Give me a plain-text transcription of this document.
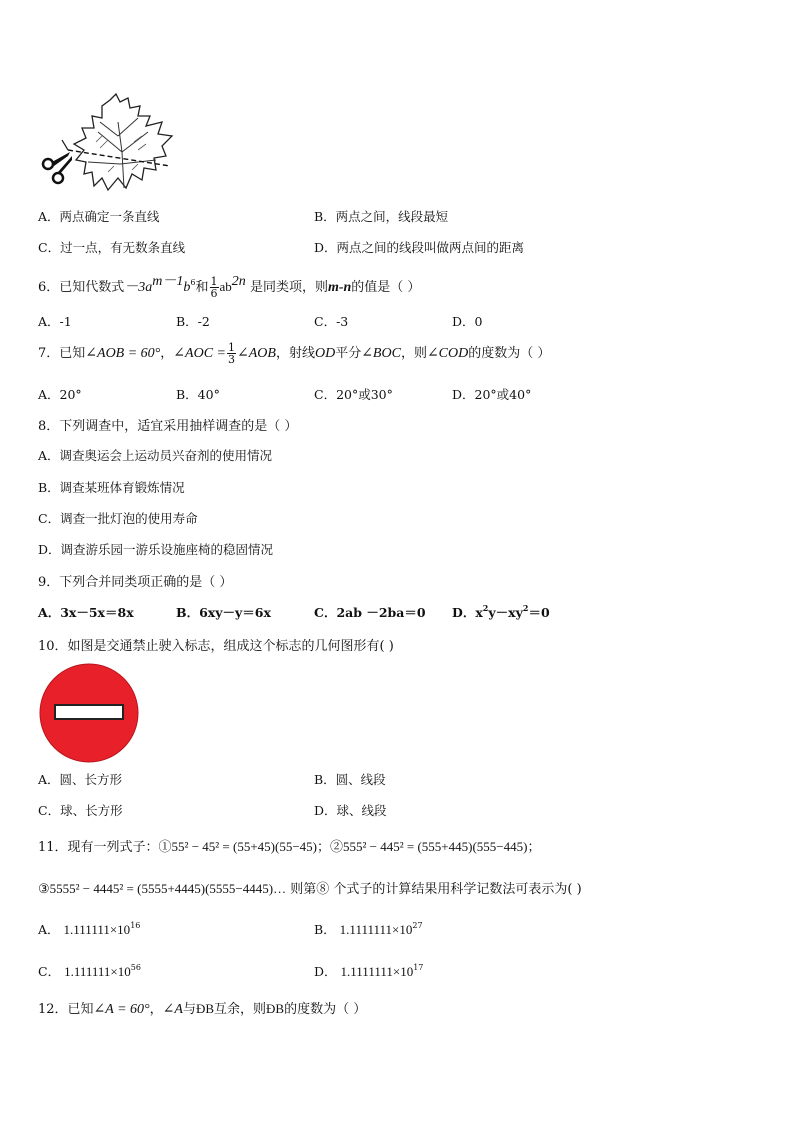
A．两点确定一条直线	B．两点之间，线段最短
C．过一点，有无数条直线	D．两点之间的线段叫做两点间的距离
6．已知代数式$-3a^{m-1}b^6$和 $\frac{1}{6} ab^{2n}$ 是同类项，则m-n的值是（ ）
A．-1	B．-2	C．-3	D．0
7．已知∠AOB = 60°，∠AOC = $\frac{1}{3}$ ∠AOB，射线OD平分∠BOC，则∠COD的度数为（ ）
A．20°	B．40°	C．20°或30°	D．20°或40°
8．下列调查中，适宜采用抽样调查的是（ ）
A．调查奥运会上运动员兴奋剂的使用情况
B．调查某班体育锻炼情况
C．调查一批灯泡的使用寿命
D．调查游乐园一游乐设施座椅的稳固情况
9．下列合并同类项正确的是（ ）
A．3x－5x＝8x	B．6xy－y＝6x	C．2ab －2ba＝0 D．$x^2y-xy^2=0$
10．如图是交通禁止驶入标志，组成这个标志的几何图形有( )
A．圆、长方形	B．圆、线段
C．球、长方形	D．球、线段
11．现有一列式子：①55² − 45² = (55+45)(55−45)；②555² − 445² = (555+445)(555−445)；
③5555² − 4445² = (5555+4445)(5555−4445)… 则第⑧ 个式子的计算结果用科学记数法可表示为( )
A． $1.111111\times 10^{16}$	B． $1.1111111\times 10^{27}$
C． $1.111111\times 10^{56}$	D． $1.1111111\times 10^{17}$
12．已知∠A = 60°，∠A与ÐB互余，则ÐB的度数为（ ）
